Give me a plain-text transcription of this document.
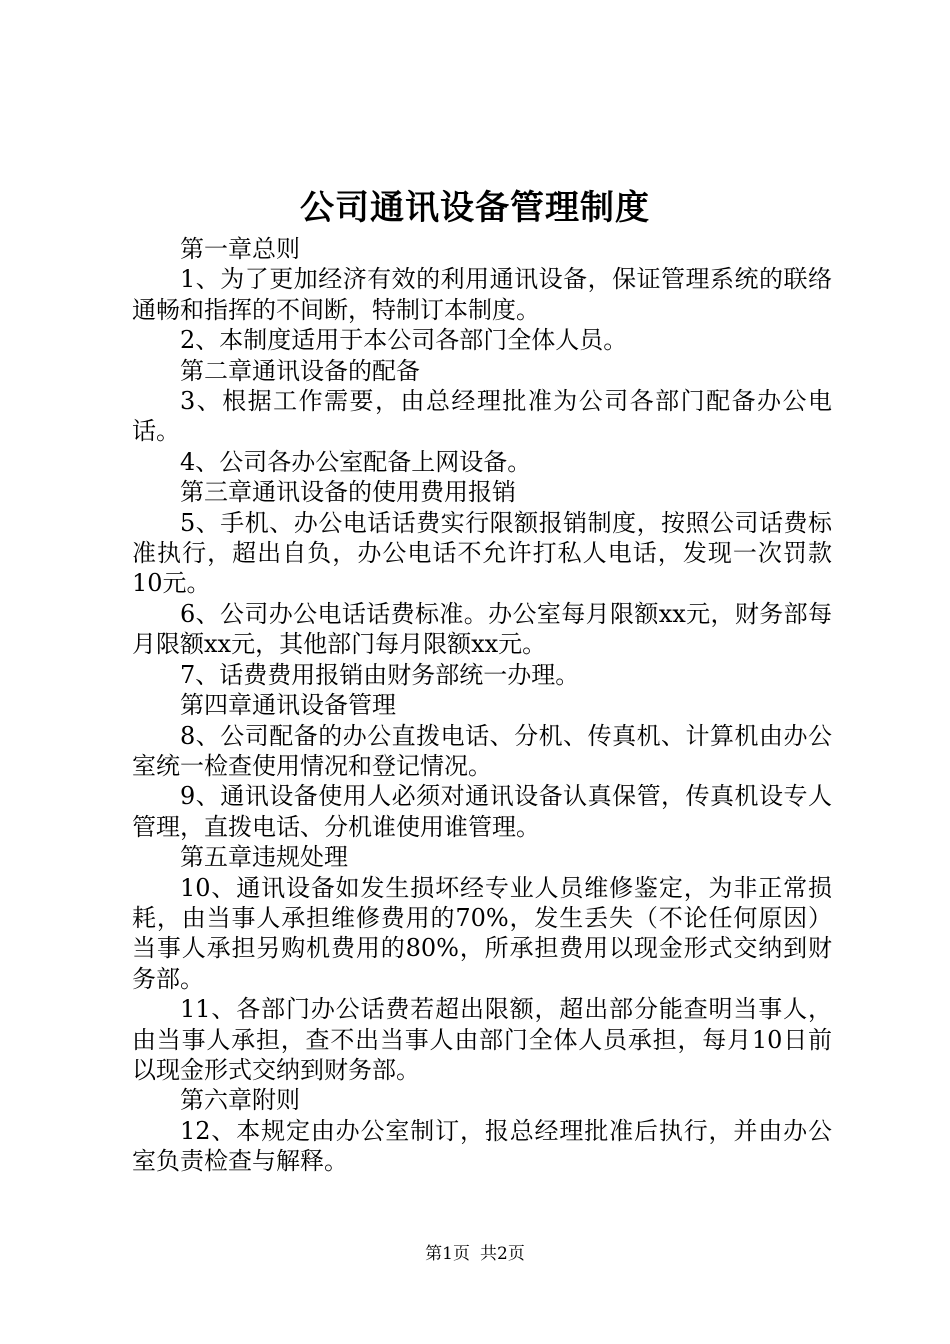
公司通讯设备管理制度

第一章总则

1、为了更加经济有效的利用通讯设备，保证管理系统的联络通畅和指挥的不间断，特制订本制度。

2、本制度适用于本公司各部门全体人员。

第二章通讯设备的配备

3、根据工作需要，由总经理批准为公司各部门配备办公电话。

4、公司各办公室配备上网设备。

第三章通讯设备的使用费用报销

5、手机、办公电话话费实行限额报销制度，按照公司话费标准执行，超出自负，办公电话不允许打私人电话，发现一次罚款10元。

6、公司办公电话话费标准。办公室每月限额xx元，财务部每月限额xx元，其他部门每月限额xx元。

7、话费费用报销由财务部统一办理。

第四章通讯设备管理

8、公司配备的办公直拨电话、分机、传真机、计算机由办公室统一检查使用情况和登记情况。

9、通讯设备使用人必须对通讯设备认真保管，传真机设专人管理，直拨电话、分机谁使用谁管理。

第五章违规处理

10、通讯设备如发生损坏经专业人员维修鉴定，为非正常损耗，由当事人承担维修费用的70%，发生丢失（不论任何原因）当事人承担另购机费用的80%，所承担费用以现金形式交纳到财务部。

11、各部门办公话费若超出限额，超出部分能查明当事人，由当事人承担，查不出当事人由部门全体人员承担，每月10日前以现金形式交纳到财务部。

第六章附则

12、本规定由办公室制订，报总经理批准后执行，并由办公室负责检查与解释。

第1页 共2页
